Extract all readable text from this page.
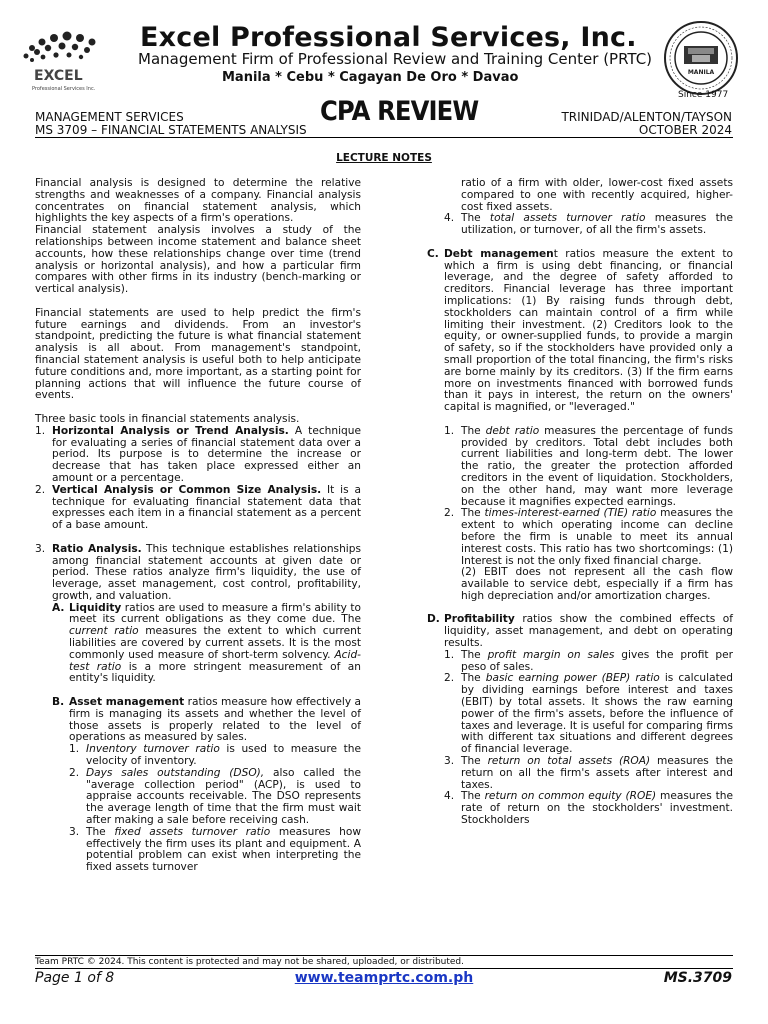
EXCEL
Professional Services Inc.
Excel Professional Services, Inc.
Management Firm of Professional Review and Training Center (PRTC)
Manila * Cebu * Cagayan De Oro * Davao	MANILA
Since 1977
MANAGEMENT SERVICES
MS 3709 – FINANCIAL STATEMENTS ANALYSIS
CPA REVIEW	TRINIDAD/ALENTON/TAYSON
OCTOBER 2024
LECTURE NOTES

Financial analysis is designed to determine the relative strengths and weaknesses of a company. Financial analysis concentrates on financial statement analysis, which highlights the key aspects of a firm's operations.

Financial statement analysis involves a study of the relationships between income statement and balance sheet accounts, how these relationships change over time (trend analysis or horizontal analysis), and how a particular firm compares with other firms in its industry (bench-marking or vertical analysis).

Financial statements are used to help predict the firm's future earnings and dividends. From an investor's standpoint, predicting the future is what financial statement analysis is all about. From management's standpoint, financial statement analysis is useful both to help anticipate future conditions and, more important, as a starting point for planning actions that will influence the future course of events.

Three basic tools in financial statements analysis.

1. Horizontal Analysis or Trend Analysis. A technique for evaluating a series of financial statement data over a period. Its purpose is to determine the increase or decrease that has taken place expressed either an amount or a percentage.
2. Vertical Analysis or Common Size Analysis. It is a technique for evaluating financial statement data that expresses each item in a financial statement as a percent of a base amount.
3. Ratio Analysis. This technique establishes relationships among financial statement accounts at given date or period. These ratios analyze firm's liquidity, the use of leverage, asset management, cost control, profitability, growth, and valuation.
A. Liquidity ratios are used to measure a firm's ability to meet its current obligations as they come due. The current ratio measures the extent to which current liabilities are covered by current assets. It is the most commonly used measure of short-term solvency. Acid-test ratio is a more stringent measurement of an entity's liquidity.
B. Asset management ratios measure how effectively a firm is managing its assets and whether the level of those assets is properly related to the level of operations as measured by sales.
1. Inventory turnover ratio is used to measure the velocity of inventory.
2. Days sales outstanding (DSO), also called the "average collection period" (ACP), is used to appraise accounts receivable. The DSO represents the average length of time that the firm must wait after making a sale before receiving cash.
3. The fixed assets turnover ratio measures how effectively the firm uses its plant and equipment. A potential problem can exist when interpreting the fixed assets turnover

ratio of a firm with older, lower-cost fixed assets compared to one with recently acquired, higher-cost fixed assets.

4. The total assets turnover ratio measures the utilization, or turnover, of all the firm's assets.
C. Debt management ratios measure the extent to which a firm is using debt financing, or financial leverage, and the degree of safety afforded to creditors. Financial leverage has three important implications: (1) By raising funds through debt, stockholders can maintain control of a firm while limiting their investment. (2) Creditors look to the equity, or owner-supplied funds, to provide a margin of safety, so if the stockholders have provided only a small proportion of the total financing, the firm's risks are borne mainly by its creditors. (3) If the firm earns more on investments financed with borrowed funds than it pays in interest, the return on the owners' capital is magnified, or "leveraged."
1. The debt ratio measures the percentage of funds provided by creditors. Total debt includes both current liabilities and long-term debt. The lower the ratio, the greater the protection afforded creditors in the event of liquidation. Stockholders, on the other hand, may want more leverage because it magnifies expected earnings.
2. The times-interest-earned (TIE) ratio measures the extent to which operating income can decline before the firm is unable to meet its annual interest costs. This ratio has two shortcomings: (1) Interest is not the only fixed financial charge.
(2) EBIT does not represent all the cash flow available to service debt, especially if a firm has high depreciation and/or amortization charges.
D. Profitability ratios show the combined effects of liquidity, asset management, and debt on operating results.
1. The profit margin on sales gives the profit per peso of sales.
2. The basic earning power (BEP) ratio is calculated by dividing earnings before interest and taxes (EBIT) by total assets. It shows the raw earning power of the firm's assets, before the influence of taxes and leverage. It is useful for comparing firms with different tax situations and different degrees of financial leverage.
3. The return on total assets (ROA) measures the return on all the firm's assets after interest and taxes.
4. The return on common equity (ROE) measures the rate of return on the stockholders' investment. Stockholders
Team PRTC © 2024. This content is protected and may not be shared, uploaded, or distributed.
Page 1 of 8	www.teamprtc.com.ph	MS.3709
